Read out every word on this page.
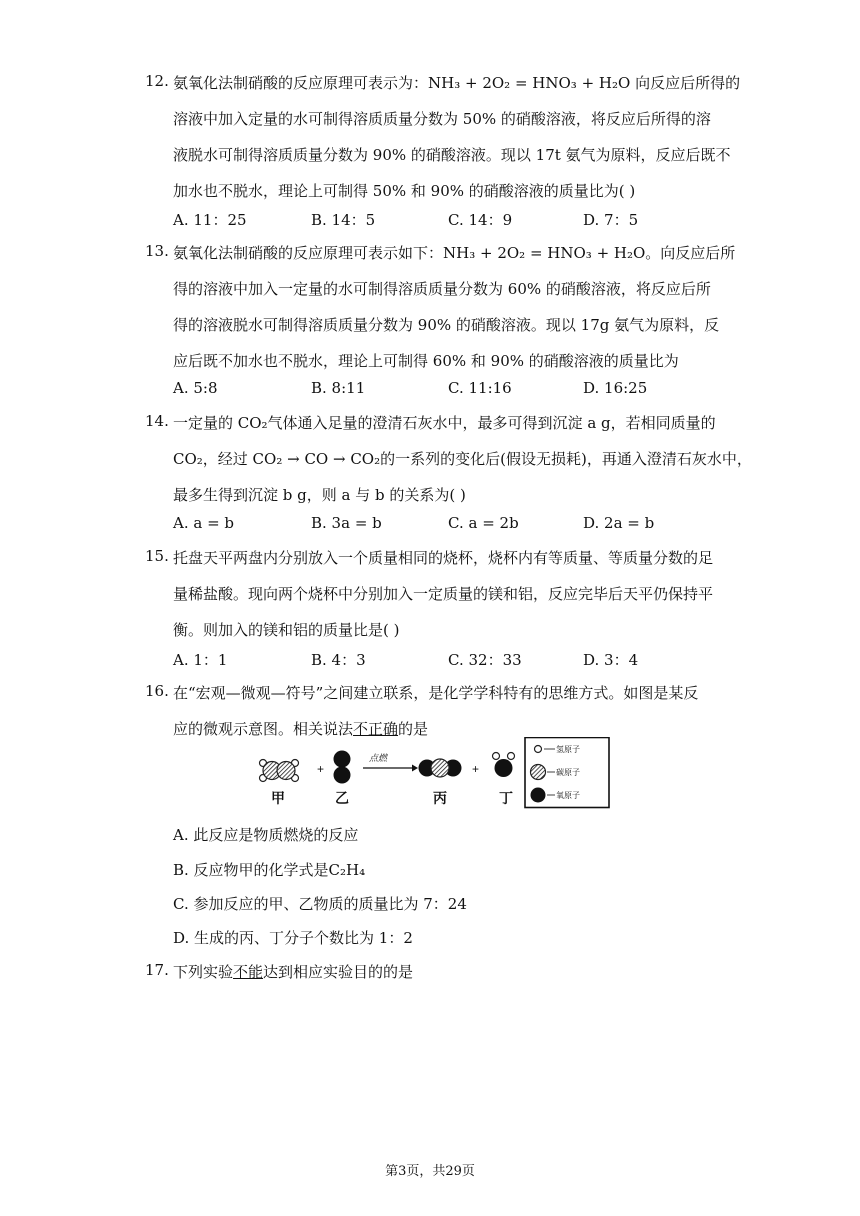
12. 氨氧化法制硝酸的反应原理可表示为：NH₃ + 2O₂ = HNO₃ + H₂O 向反应后所得的
溶液中加入定量的水可制得溶质质量分数为 50% 的硝酸溶液，将反应后所得的溶
液脱水可制得溶质质量分数为 90% 的硝酸溶液。现以 17t 氨气为原料，反应后既不
加水也不脱水，理论上可制得 50% 和 90% 的硝酸溶液的质量比为( )
A. 11：25	B. 14：5	C. 14：9	D. 7：5
13. 氨氧化法制硝酸的反应原理可表示如下：NH₃ + 2O₂ = HNO₃ + H₂O。向反应后所
得的溶液中加入一定量的水可制得溶质质量分数为 60% 的硝酸溶液，将反应后所
得的溶液脱水可制得溶质质量分数为 90% 的硝酸溶液。现以 17g 氨气为原料，反
应后既不加水也不脱水，理论上可制得 60% 和 90% 的硝酸溶液的质量比为
A. 5:8	B. 8:11	C. 11:16	D. 16:25
14. 一定量的 CO₂气体通入足量的澄清石灰水中，最多可得到沉淀 a g，若相同质量的
CO₂，经过 CO₂ → CO → CO₂的一系列的变化后(假设无损耗)，再通入澄清石灰水中，
最多生得到沉淀 b g，则 a 与 b 的关系为( )
A. a = b	B. 3a = b	C. a = 2b	D. 2a = b
15. 托盘天平两盘内分别放入一个质量相同的烧杯，烧杯内有等质量、等质量分数的足
量稀盐酸。现向两个烧杯中分别加入一定质量的镁和铝，反应完毕后天平仍保持平
衡。则加入的镁和铝的质量比是( )
A. 1：1	B. 4：3	C. 32：33	D. 3：4
16. 在“宏观—微观—符号”之间建立联系，是化学学科特有的思维方式。如图是某反
应的微观示意图。相关说法不正确的是
+
点燃
+
甲	乙	丙	丁
氢原子
碳原子
氧原子
A. 此反应是物质燃烧的反应
B. 反应物甲的化学式是C₂H₄
C. 参加反应的甲、乙物质的质量比为 7：24
D. 生成的丙、丁分子个数比为 1：2
17. 下列实验不能达到相应实验目的的是
第3页，共29页
